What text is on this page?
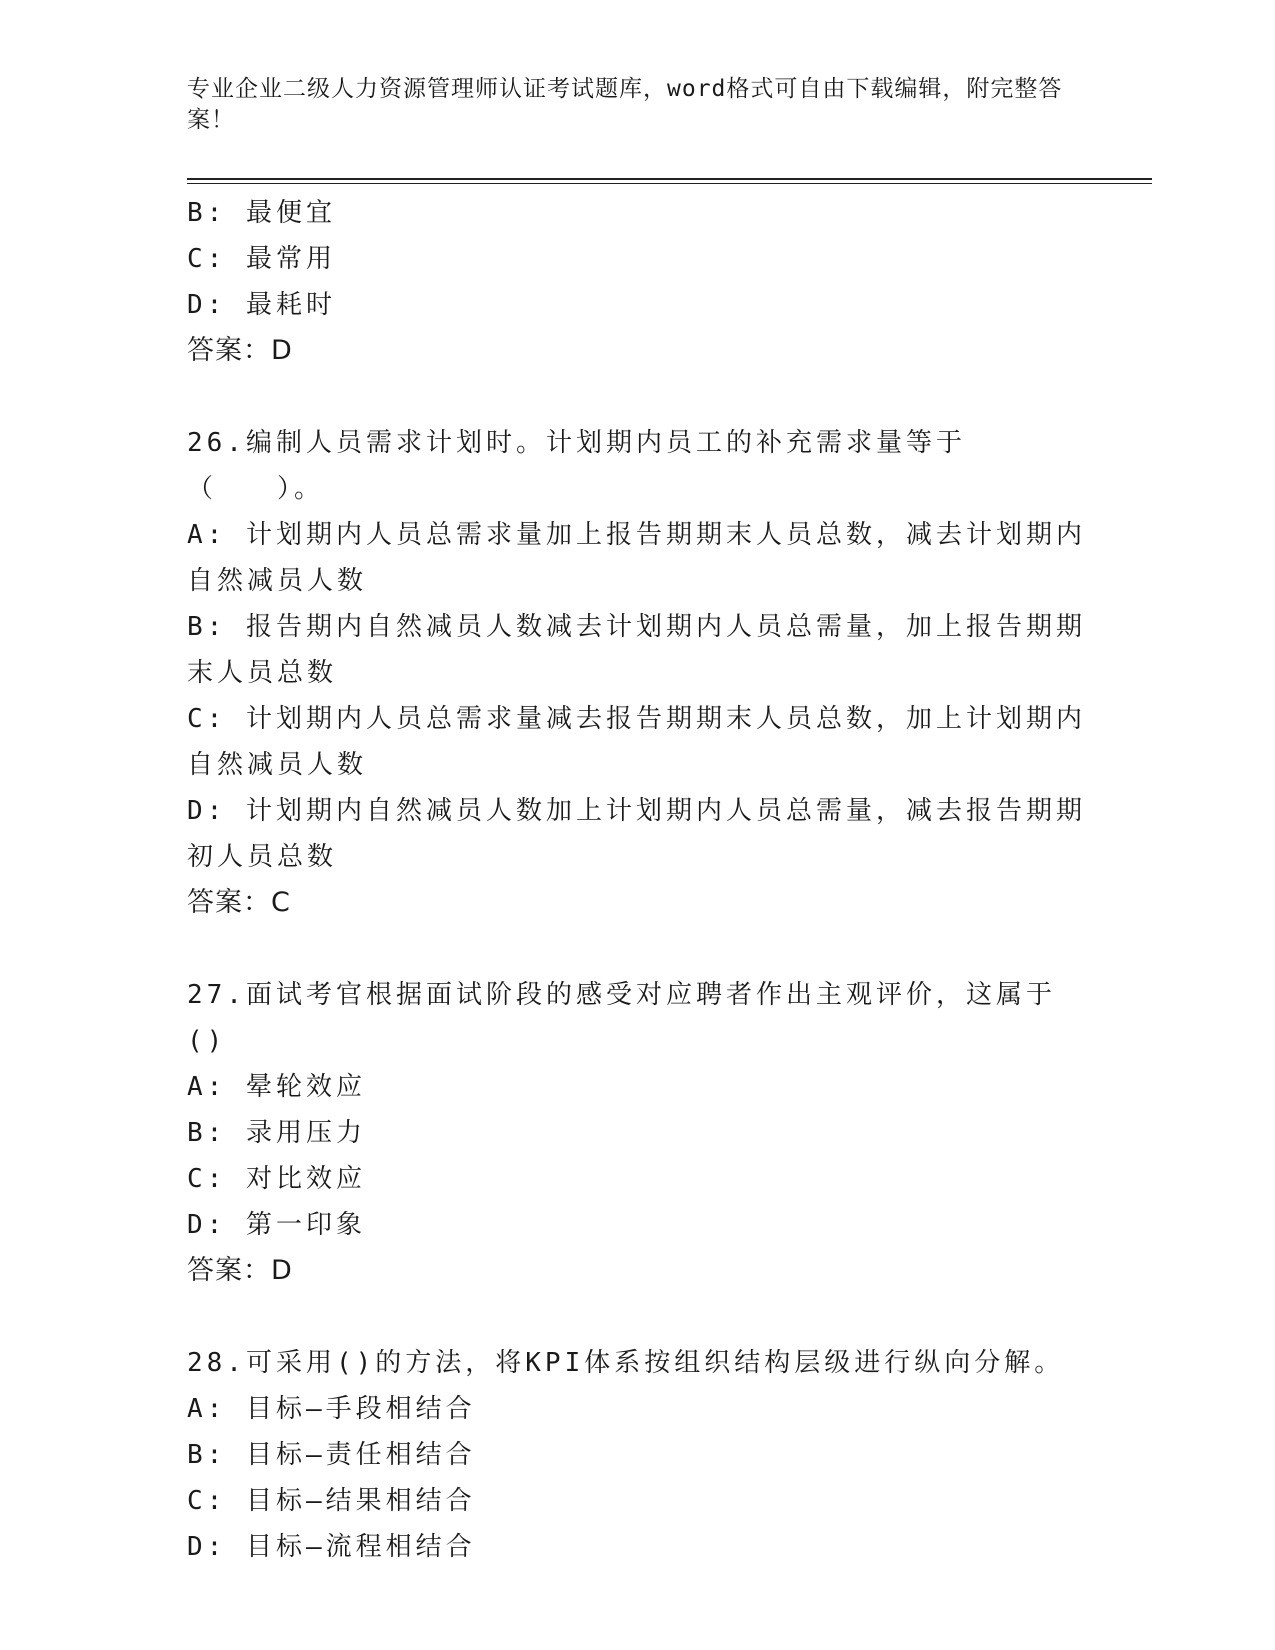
专业企业二级人力资源管理师认证考试题库，word格式可自由下载编辑，附完整答案！

B: 最便宜

C: 最常用

D: 最耗时

答案：D

26.编制人员需求计划时。计划期内员工的补充需求量等于（　　）。

A: 计划期内人员总需求量加上报告期期末人员总数，减去计划期内自然减员人数

B: 报告期内自然减员人数减去计划期内人员总需量，加上报告期期末人员总数

C: 计划期内人员总需求量减去报告期期末人员总数，加上计划期内自然减员人数

D: 计划期内自然减员人数加上计划期内人员总需量，减去报告期期初人员总数

答案：C

27.面试考官根据面试阶段的感受对应聘者作出主观评价，这属于()

A: 晕轮效应

B: 录用压力

C: 对比效应

D: 第一印象

答案：D

28.可采用()的方法，将KPI体系按组织结构层级进行纵向分解。

A: 目标—手段相结合

B: 目标—责任相结合

C: 目标—结果相结合

D: 目标—流程相结合
